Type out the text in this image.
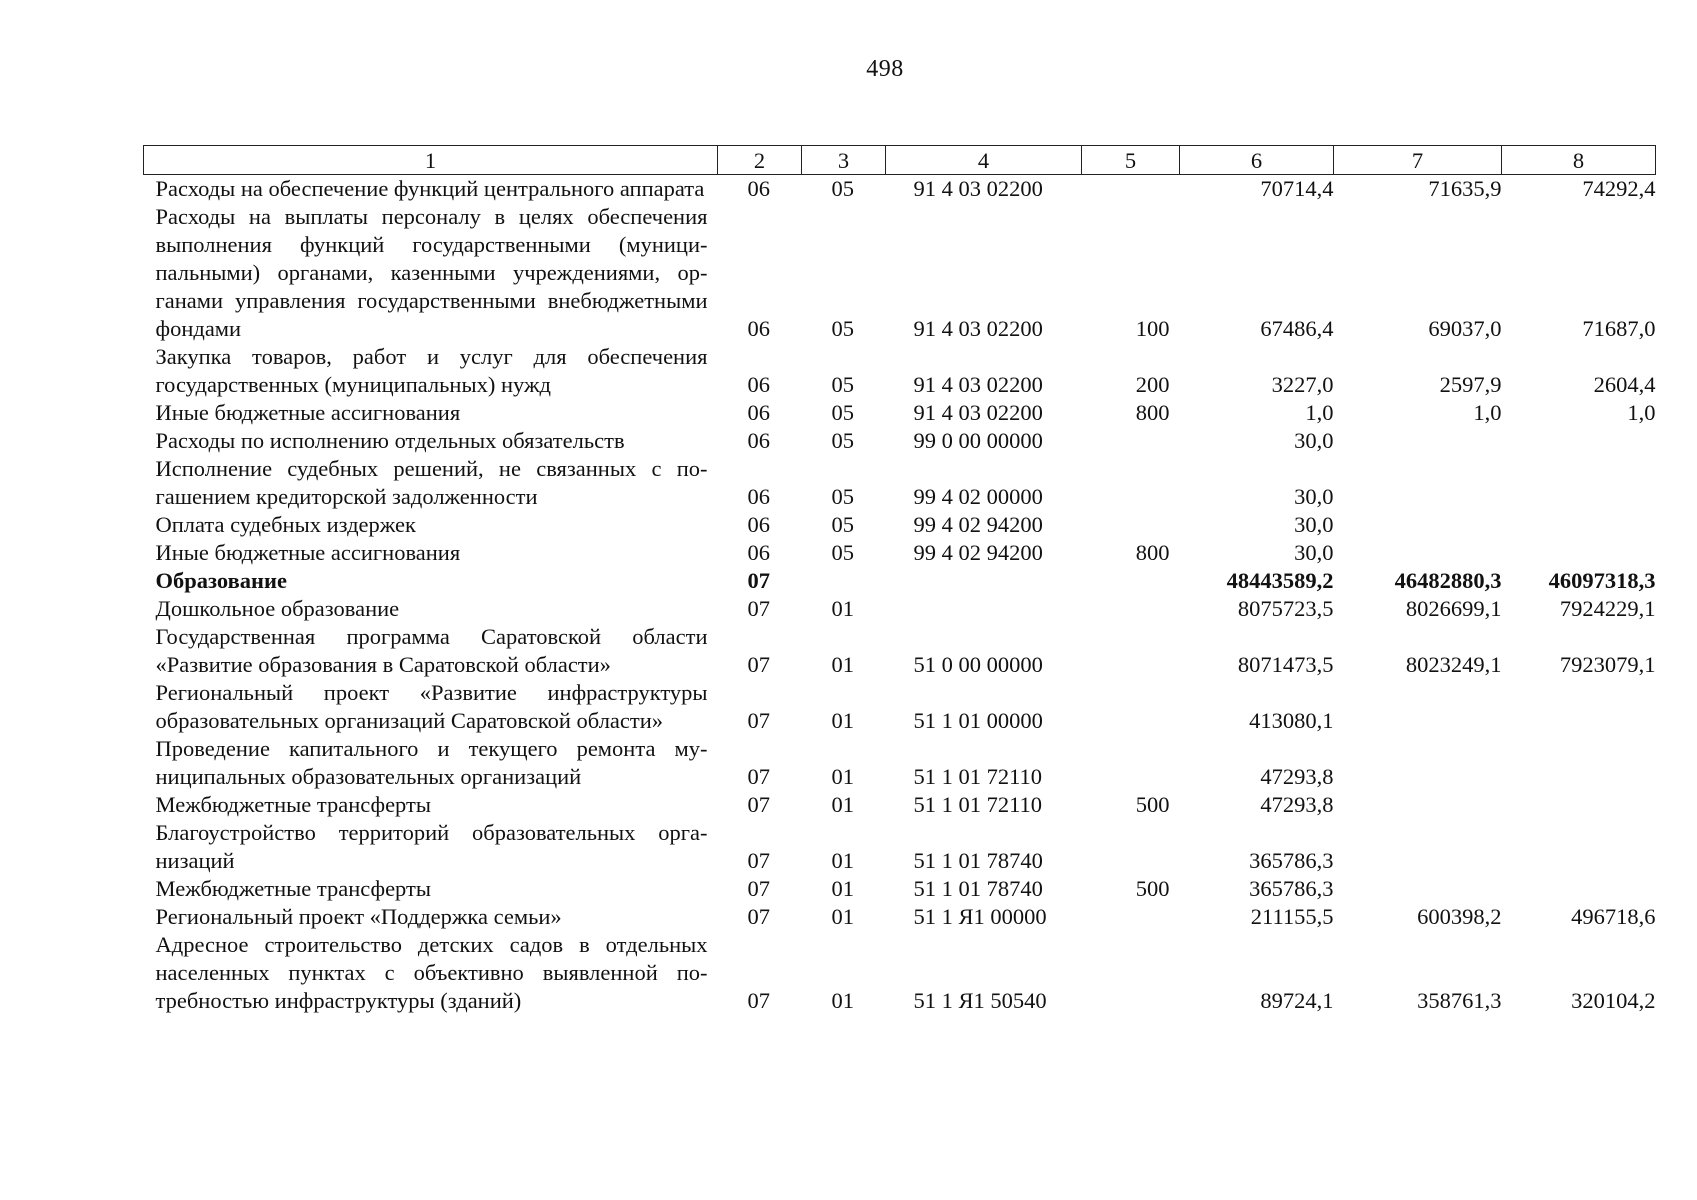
498
1	2	3	4	5	6	7	8
Расходы на обеспечение функций центрального аппарата	06	05	91 4 03 02200		70714,4	71635,9	74292,4
Расходы на выплаты персоналу в целях обеспечения выполнения функций государственными (муниципальными) органами, казенными учреждениями, органами управления государственными внебюджетными фондами	06	05	91 4 03 02200	100	67486,4	69037,0	71687,0
Закупка товаров, работ и услуг для обеспечения государственных (муниципальных) нужд	06	05	91 4 03 02200	200	3227,0	2597,9	2604,4
Иные бюджетные ассигнования	06	05	91 4 03 02200	800	1,0	1,0	1,0
Расходы по исполнению отдельных обязательств	06	05	99 0 00 00000		30,0		
Исполнение судебных решений, не связанных с погашением кредиторской задолженности	06	05	99 4 02 00000		30,0		
Оплата судебных издержек	06	05	99 4 02 94200		30,0		
Иные бюджетные ассигнования	06	05	99 4 02 94200	800	30,0		
Образование	07				48443589,2	46482880,3	46097318,3
Дошкольное образование	07	01			8075723,5	8026699,1	7924229,1
Государственная программа Саратовской области «Развитие образования в Саратовской области»	07	01	51 0 00 00000		8071473,5	8023249,1	7923079,1
Региональный проект «Развитие инфраструктуры образовательных организаций Саратовской области»	07	01	51 1 01 00000		413080,1		
Проведение капитального и текущего ремонта муниципальных образовательных организаций	07	01	51 1 01 72110		47293,8		
Межбюджетные трансферты	07	01	51 1 01 72110	500	47293,8		
Благоустройство территорий образовательных организаций	07	01	51 1 01 78740		365786,3		
Межбюджетные трансферты	07	01	51 1 01 78740	500	365786,3		
Региональный проект «Поддержка семьи»	07	01	51 1 Я1 00000		211155,5	600398,2	496718,6
Адресное строительство детских садов в отдельных населенных пунктах с объективно выявленной потребностью инфраструктуры (зданий)	07	01	51 1 Я1 50540		89724,1	358761,3	320104,2
